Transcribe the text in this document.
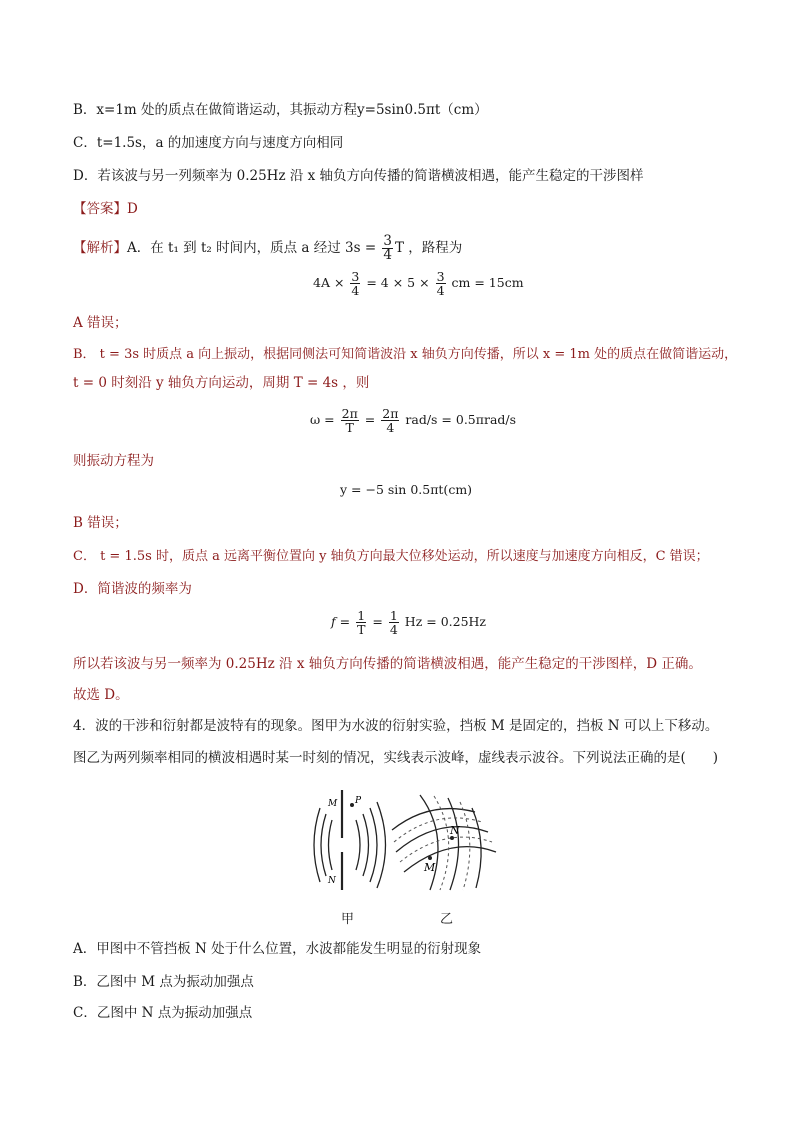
B．x=1m 处的质点在做简谐运动，其振动方程y=5sin0.5πt（cm）
C．t=1.5s，a 的加速度方向与速度方向相同
D．若该波与另一列频率为 0.25Hz 沿 x 轴负方向传播的简谐横波相遇，能产生稳定的干涉图样
【答案】D
【解析】A．在 t₁ 到 t₂ 时间内，质点 a 经过 $3s = \frac{3}{4}$ T ，路程为
$4A \times \frac{3}{4} = 4 \times 5 \times \frac{3}{4}$ cm = 15cm
A 错误；
B． t = 3s 时质点 a 向上振动，根据同侧法可知简谐波沿 x 轴负方向传播，所以 x = 1m 处的质点在做简谐运动，
t = 0 时刻沿 y 轴负方向运动，周期 T = 4s ，则
$\omega = \frac{2\pi}{T} = \frac{2\pi}{4} rad/s = 0.5\pi rad/s$
则振动方程为
y = −5 sin 0.5πt(cm)
B 错误；
C． t = 1.5s 时，质点 a 远离平衡位置向 y 轴负方向最大位移处运动，所以速度与加速度方向相反，C 错误；
D．简谐波的频率为
$f = \frac{1}{T} = \frac{1}{4}$ Hz = 0.25Hz
所以若该波与另一频率为 0.25Hz 沿 x 轴负方向传播的简谐横波相遇，能产生稳定的干涉图样，D 正确。
故选 D。
4．波的干涉和衍射都是波特有的现象。图甲为水波的衍射实验，挡板 M 是固定的，挡板 N 可以上下移动。
图乙为两列频率相同的横波相遇时某一时刻的情况，实线表示波峰，虚线表示波谷。下列说法正确的是(　　)
M
N
P
N
M
甲	乙
A．甲图中不管挡板 N 处于什么位置，水波都能发生明显的衍射现象
B．乙图中 M 点为振动加强点
C．乙图中 N 点为振动加强点
